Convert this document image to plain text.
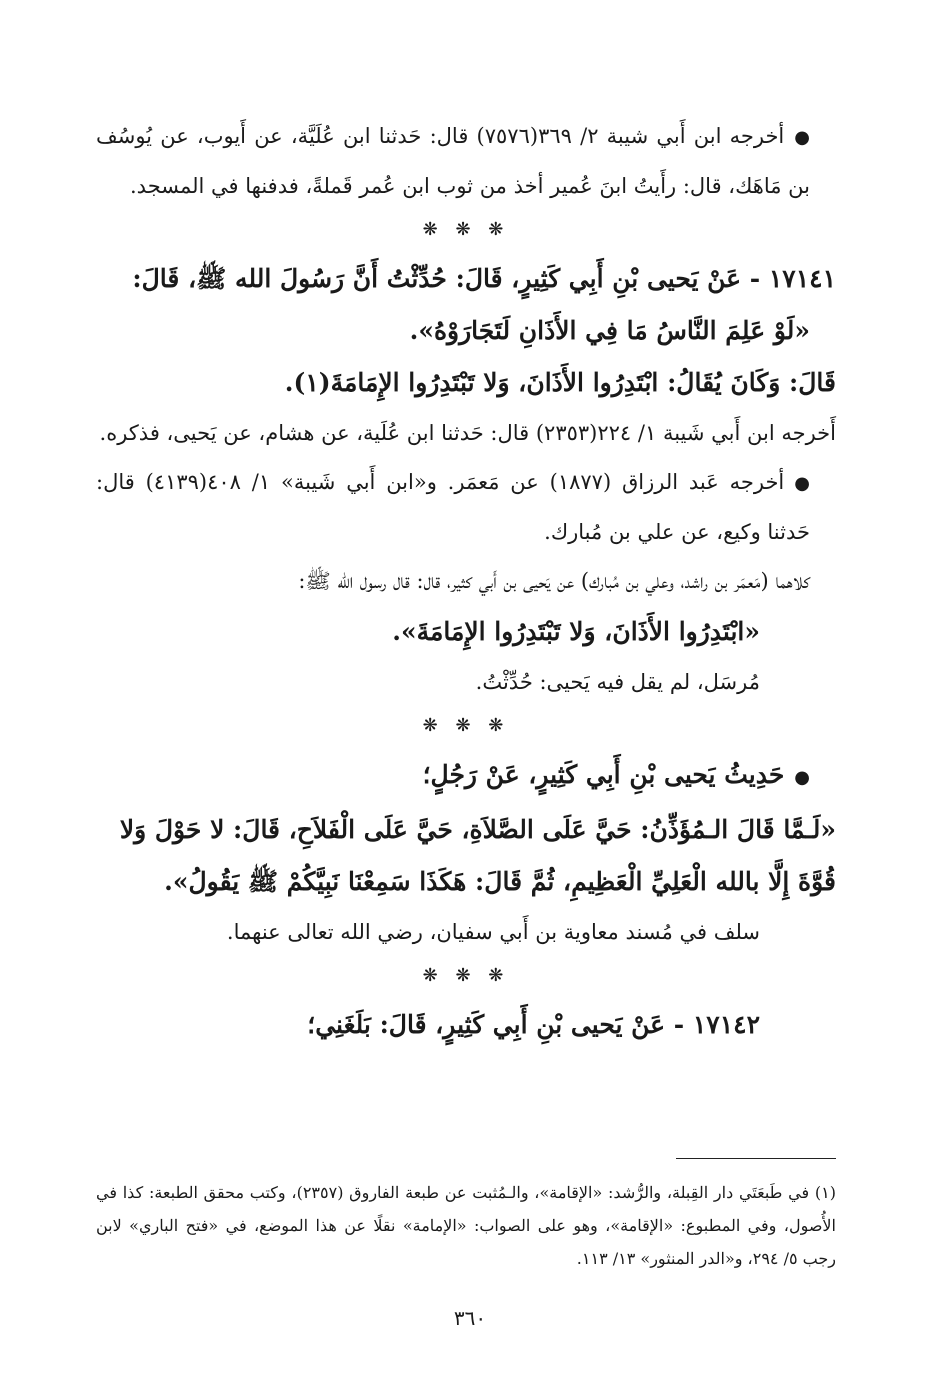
●أخرجه ابن أَبي شيبة ٢/ ٣٦٩(٧٥٧٦) قال: حَدثنا ابن عُلَيَّة، عن أَيوب، عن يُوسُف بن مَاهَك، قال: رأَيتُ ابنَ عُمير أخذ من ثوب ابن عُمر قَملةً، فدفنها في المسجد.

❋ ❋ ❋

١٧١٤١ - عَنْ يَحيى بْنِ أَبِي كَثِيرٍ، قَالَ: حُدِّثْتُ أَنَّ رَسُولَ الله ﷺ، قَالَ:

«لَوْ عَلِمَ النَّاسُ مَا فِي الأَذَانِ لَتَجَارَوْهُ».

قَالَ: وَكَانَ يُقَالُ: ابْتَدِرُوا الأَذَانَ، وَلا تَبْتَدِرُوا الإِمَامَةَ(١).

أَخرجه ابن أَبي شَيبة ١/ ٢٢٤(٢٣٥٣) قال: حَدثنا ابن عُلَية، عن هشام، عن يَحيى، فذكره.

●أخرجه عَبد الرزاق (١٨٧٧) عن مَعمَر. و«ابن أَبي شَيبة» ١/ ٤٠٨(٤١٣٩) قال: حَدثنا وكيع، عن علي بن مُبارك.

كلاهما (مَعمَر بن راشد، وعلي بن مُبارك) عن يَحيى بن أَبي كثير، قال: قال رسول الله ﷺ:

«ابْتَدِرُوا الأَذَانَ، وَلا تَبْتَدِرُوا الإِمَامَةَ».

مُرسَل، لم يقل فيه يَحيى: حُدِّثْتُ.

❋ ❋ ❋

●حَدِيثُ يَحيى بْنِ أَبِي كَثِيرٍ، عَنْ رَجُلٍ؛

«لَـمَّا قَالَ الـمُؤَذِّنُ: حَيَّ عَلَى الصَّلاَةِ، حَيَّ عَلَى الْفَلاَحِ، قَالَ: لا حَوْلَ وَلا قُوَّةَ إِلَّا بالله الْعَلِيِّ الْعَظِيمِ، ثُمَّ قَالَ: هَكَذَا سَمِعْنَا نَبِيَّكُمْ ﷺ يَقُولُ».

سلف في مُسند معاوية بن أَبي سفيان، رضي الله تعالى عنهما.

❋ ❋ ❋

١٧١٤٢ - عَنْ يَحيى بْنِ أَبِي كَثِيرٍ، قَالَ: بَلَغَنِي؛

(١) في طَبعَتَي دار القِبلة، والرُّشد: «الإقامة»، والـمُثبت عن طبعة الفاروق (٢٣٥٧)، وكتب محقق الطبعة: كذا في الأُصول، وفي المطبوع: «الإقامة»، وهو على الصواب: «الإمامة» نقلًا عن هذا الموضع، في «فتح الباري» لابن رجب ٥/ ٢٩٤، و«الدر المنثور» ١٣/ ١١٣.

٣٦٠
